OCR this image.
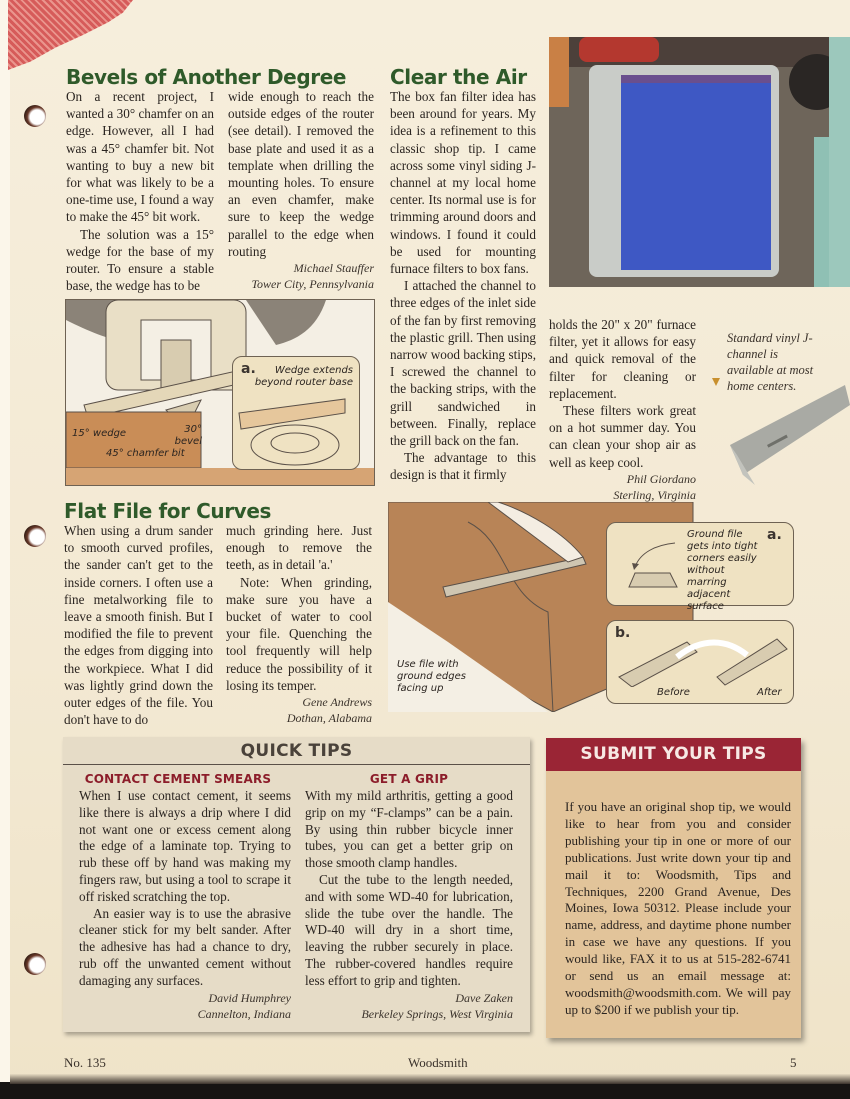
Bevels of Another Degree

On a recent project, I wanted a 30° chamfer on an edge. However, all I had was a 45° chamfer bit. Not wanting to buy a new bit for what was likely to be a one-time use, I found a way to make the 45° bit work.

The solution was a 15° wedge for the base of my router. To ensure a stable base, the wedge has to be

wide enough to reach the outside edges of the router (see detail). I removed the base plate and used it as a template when drilling the mounting holes. To ensure an even chamfer, make sure to keep the wedge parallel to the edge when routing

Michael Stauffer
Tower City, Pennsylvania
15° wedge	30° bevel
45° chamfer bit
a.	Wedge extends beyond router base
Clear the Air

The box fan filter idea has been around for years. My idea is a refinement to this classic shop tip. I came across some vinyl siding J-channel at my local home center. Its normal use is for trimming around doors and windows. I found it could be used for mounting furnace filters to box fans.

I attached the channel to three edges of the inlet side of the fan by first removing the plastic grill. Then using narrow wood backing stips, I screwed the channel to the backing strips, with the grill sandwiched in between. Finally, replace the grill back on the fan.

The advantage to this design is that it firmly

holds the 20" x 20" furnace filter, yet it allows for easy and quick removal of the filter for cleaning or replacement.

These filters work great on a hot summer day. You can clean your shop air as well as keep cool.

Phil Giordano
Sterling, Virginia
Standard vinyl J-channel is available at most home centers.
Flat File for Curves

When using a drum sander to smooth curved profiles, the sander can't get to the inside corners. I often use a fine metalworking file to leave a smooth finish. But I modified the file to prevent the edges from digging into the workpiece. What I did was lightly grind down the outer edges of the file. You don't have to do

much grinding here. Just enough to remove the teeth, as in detail 'a.'

Note: When grinding, make sure you have a bucket of water to cool your file. Quenching the tool frequently will help reduce the possibility of it losing its temper.

Gene Andrews
Dothan, Alabama
Use file with ground edges facing up
Ground file gets into tight corners easily without marring adjacent surface
a.
b.
Before	After
QUICK TIPS
CONTACT CEMENT SMEARS

When I use contact cement, it seems like there is always a drip where I did not want one or excess cement along the edge of a laminate top. Trying to rub these off by hand was making my fingers raw, but using a tool to scrape it off risked scratching the top.

An easier way is to use the abrasive cleaner stick for my belt sander. After the adhesive has had a chance to dry, rub off the unwanted cement without damaging any surfaces.

David Humphrey
Cannelton, Indiana
GET A GRIP

With my mild arthritis, getting a good grip on my “F-clamps” can be a pain. By using thin rubber bicycle inner tubes, you can get a better grip on those smooth clamp handles.

Cut the tube to the length needed, and with some WD-40 for lubrication, slide the tube over the handle. The WD-40 will dry in a short time, leaving the rubber securely in place. The rubber-covered handles require less effort to grip and tighten.

Dave Zaken
Berkeley Springs, West Virginia
SUBMIT YOUR TIPS
If you have an original shop tip, we would like to hear from you and consider publishing your tip in one or more of our publications. Just write down your tip and mail it to: Woodsmith, Tips and Techniques, 2200 Grand Avenue, Des Moines, Iowa 50312. Please include your name, address, and daytime phone number in case we have any questions. If you would like, FAX it to us at 515-282-6741 or send us an email message at: woodsmith@woodsmith.com. We will pay up to $200 if we publish your tip.
No. 135	Woodsmith	5
